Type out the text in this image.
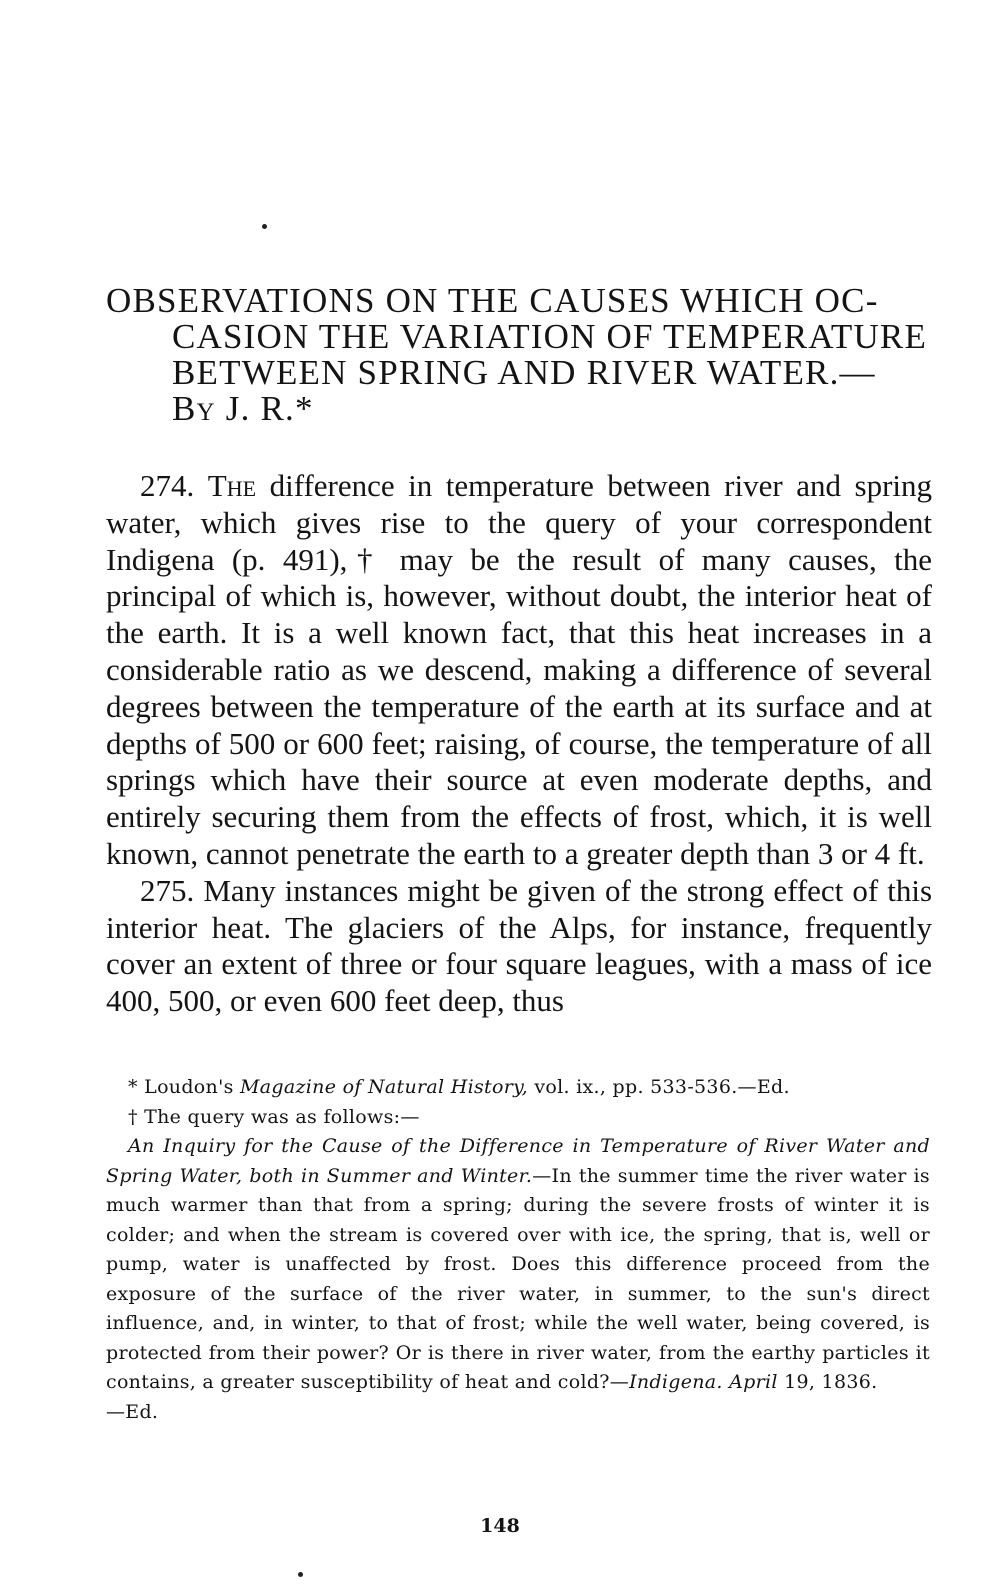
OBSERVATIONS ON THE CAUSES WHICH OC-
CASION THE VARIATION OF TEMPERATURE
BETWEEN SPRING AND RIVER WATER.—
By J. R.*

274. The difference in temperature between river and spring water, which gives rise to the query of your correspondent Indigena (p. 491),† may be the result of many causes, the principal of which is, however, without doubt, the interior heat of the earth. It is a well known fact, that this heat increases in a considerable ratio as we descend, making a difference of several degrees between the temperature of the earth at its surface and at depths of 500 or 600 feet; raising, of course, the temperature of all springs which have their source at even moderate depths, and entirely securing them from the effects of frost, which, it is well known, cannot penetrate the earth to a greater depth than 3 or 4 ft.

275. Many instances might be given of the strong effect of this interior heat. The glaciers of the Alps, for instance, frequently cover an extent of three or four square leagues, with a mass of ice 400, 500, or even 600 feet deep, thus

* Loudon's Magazine of Natural History, vol. ix., pp. 533-536.—Ed.

† The query was as follows:—

An Inquiry for the Cause of the Difference in Temperature of River Water and Spring Water, both in Summer and Winter.—In the summer time the river water is much warmer than that from a spring; during the severe frosts of winter it is colder; and when the stream is covered over with ice, the spring, that is, well or pump, water is unaffected by frost. Does this difference proceed from the exposure of the surface of the river water, in summer, to the sun's direct influence, and, in winter, to that of frost; while the well water, being covered, is protected from their power? Or is there in river water, from the earthy particles it contains, a greater susceptibility of heat and cold?—Indigena. April 19, 1836.

—Ed.

148
